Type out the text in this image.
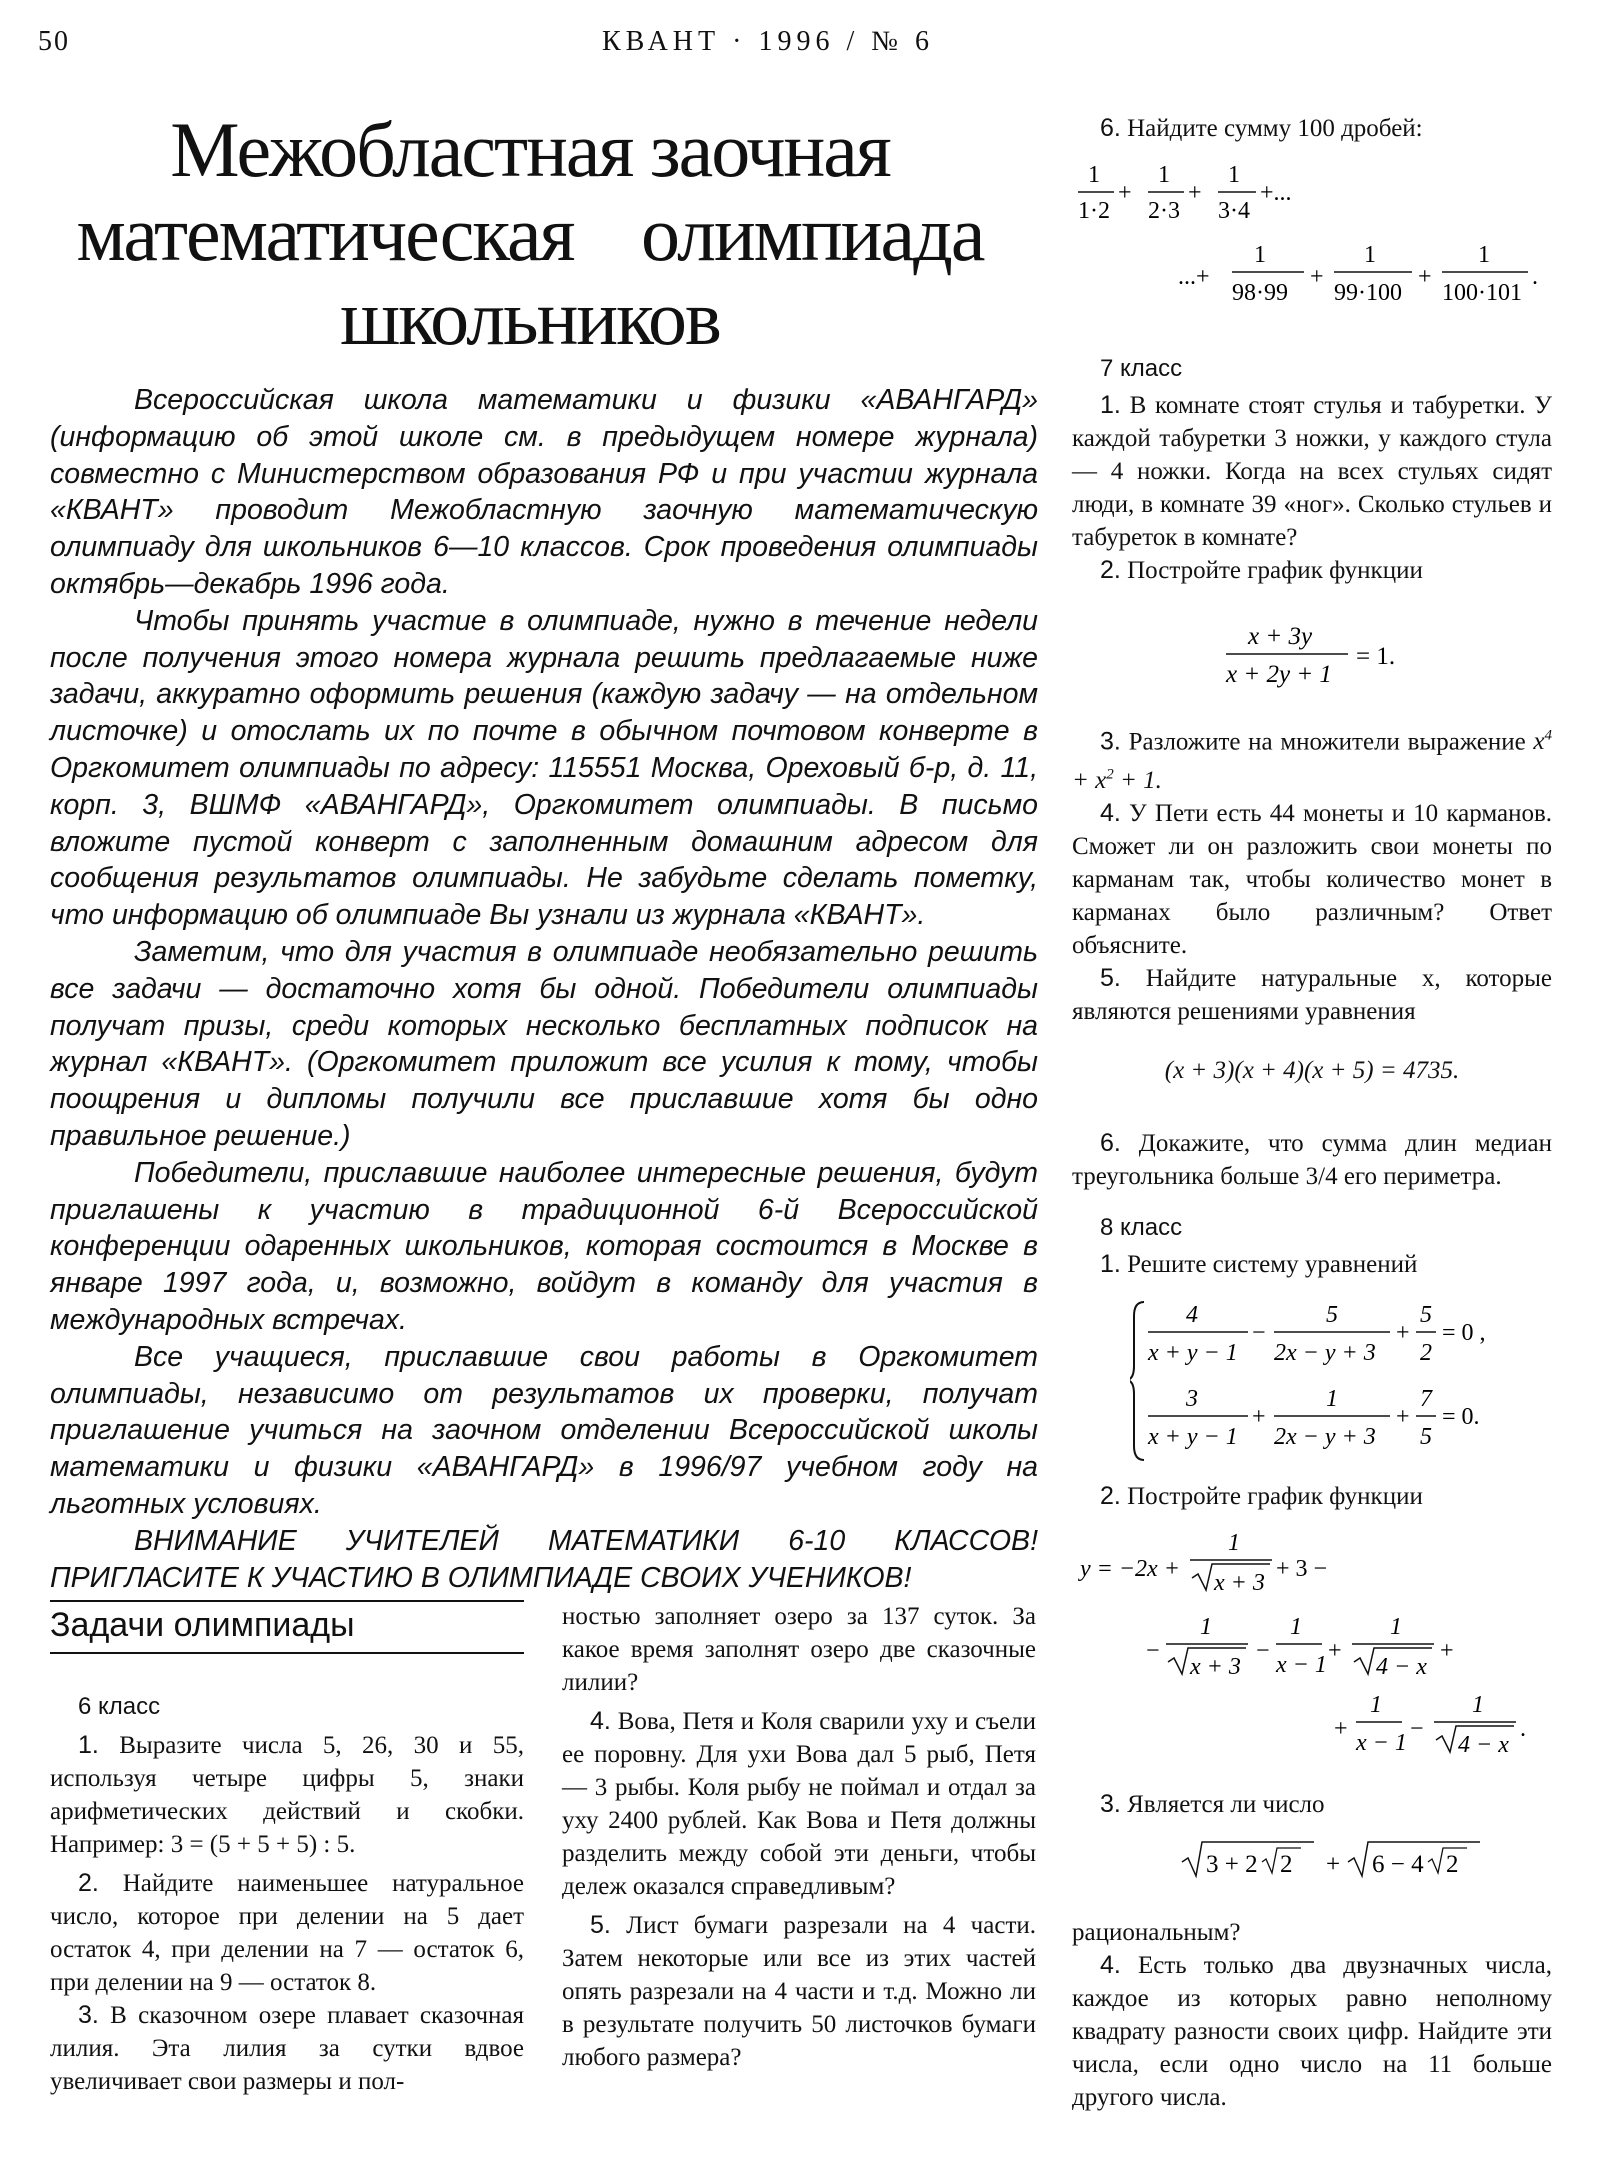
50	КВАНТ · 1996 / № 6
Межобластная заочная
математическая олимпиада
школьников

Всероссийская школа математики и физики «АВАНГАРД» (информацию об этой школе см. в предыдущем номере журнала) совместно с Министерством образования РФ и при участии журнала «КВАНТ» проводит Межобластную заочную математическую олимпиаду для школьников 6—10 классов. Срок проведения олимпиады октябрь—декабрь 1996 года.

Чтобы принять участие в олимпиаде, нужно в течение недели после получения этого номера журнала решить предлагаемые ниже задачи, аккуратно оформить решения (каждую задачу — на отдельном листочке) и отослать их по почте в обычном почтовом конверте в Оргкомитет олимпиады по адресу: 115551 Москва, Ореховый б-р, д. 11, корп. 3, ВШМФ «АВАНГАРД», Оргкомитет олимпиады. В письмо вложите пустой конверт с заполненным домашним адресом для сообщения результатов олимпиады. Не забудьте сделать пометку, что информацию об олимпиаде Вы узнали из журнала «КВАНТ».

Заметим, что для участия в олимпиаде необязательно решить все задачи — достаточно хотя бы одной. Победители олимпиады получат призы, среди которых несколько бесплатных подписок на журнал «КВАНТ». (Оргкомитет приложит все усилия к тому, чтобы поощрения и дипломы получили все приславшие хотя бы одно правильное решение.)

Победители, приславшие наиболее интересные решения, будут приглашены к участию в традиционной 6-й Всероссийской конференции одаренных школьников, которая состоится в Москве в январе 1997 года, и, возможно, войдут в команду для участия в международных встречах.

Все учащиеся, приславшие свои работы в Оргкомитет олимпиады, независимо от результатов их проверки, получат приглашение учиться на заочном отделении Всероссийской школы математики и физики «АВАНГАРД» в 1996/97 учебном году на льготных условиях.

ВНИМАНИЕ УЧИТЕЛЕЙ МАТЕМАТИКИ 6-10 КЛАССОВ! ПРИГЛАСИТЕ К УЧАСТИЮ В ОЛИМПИАДЕ СВОИХ УЧЕНИКОВ!

Задачи олимпиады

6 класс

1. Выразите числа 5, 26, 30 и 55, используя четыре цифры 5, знаки арифметических действий и скобки. Например: 3 = (5 + 5 + 5) : 5.

2. Найдите наименьшее натуральное число, которое при делении на 5 дает остаток 4, при делении на 7 — остаток 6, при делении на 9 — остаток 8.

3. В сказочном озере плавает сказочная лилия. Эта лилия за сутки вдвое увеличивает свои размеры и пол-

ностью заполняет озеро за 137 суток. За какое время заполнят озеро две сказочные лилии?

4. Вова, Петя и Коля сварили уху и съели ее поровну. Для ухи Вова дал 5 рыб, Петя — 3 рыбы. Коля рыбу не поймал и отдал за уху 2400 рублей. Как Вова и Петя должны разделить между собой эти деньги, чтобы дележ оказался справедливым?

5. Лист бумаги разрезали на 4 части. Затем некоторые или все из этих частей опять разрезали на 4 части и т.д. Можно ли в результате получить 50 листочков бумаги любого размера?

6. Найдите сумму 100 дробей:

1
1·2
+
1
2·3
+
1
3·4
+...
...+
1
98·99
+
1
99·100
+
1
100·101
.

7 класс

1. В комнате стоят стулья и табуретки. У каждой табуретки 3 ножки, у каждого стула — 4 ножки. Когда на всех стульях сидят люди, в комнате 39 «ног». Сколько стульев и табуреток в комнате?

2. Постройте график функции

x + 3y
x + 2y + 1
= 1.

3. Разложите на множители выражение $x^4 + x^2 + 1$.

4. У Пети есть 44 монеты и 10 карманов. Сможет ли он разложить свои монеты по карманам так, чтобы количество монет в карманах было различным? Ответ объясните.

5. Найдите натуральные x, которые являются решениями уравнения

(x + 3)(x + 4)(x + 5) = 4735.

6. Докажите, что сумма длин медиан треугольника больше 3/4 его периметра.

8 класс

1. Решите систему уравнений

4
x + y − 1
−
5
2x − y + 3
+
5
2
= 0 ,
3
x + y − 1
+
1
2x − y + 3
+
7
5
= 0.

2. Постройте график функции

y = −2x +
1
x + 3
+ 3 −
−
1
x + 3
−
1
x − 1
+
1
4 − x
+
+
1
x − 1
−
1
4 − x
.

3. Является ли число

3 + 2 2 + 6 − 4 2

рациональным?

4. Есть только два двузначных числа, каждое из которых равно неполному квадрату разности своих цифр. Найдите эти числа, если одно число на 11 больше другого числа.
